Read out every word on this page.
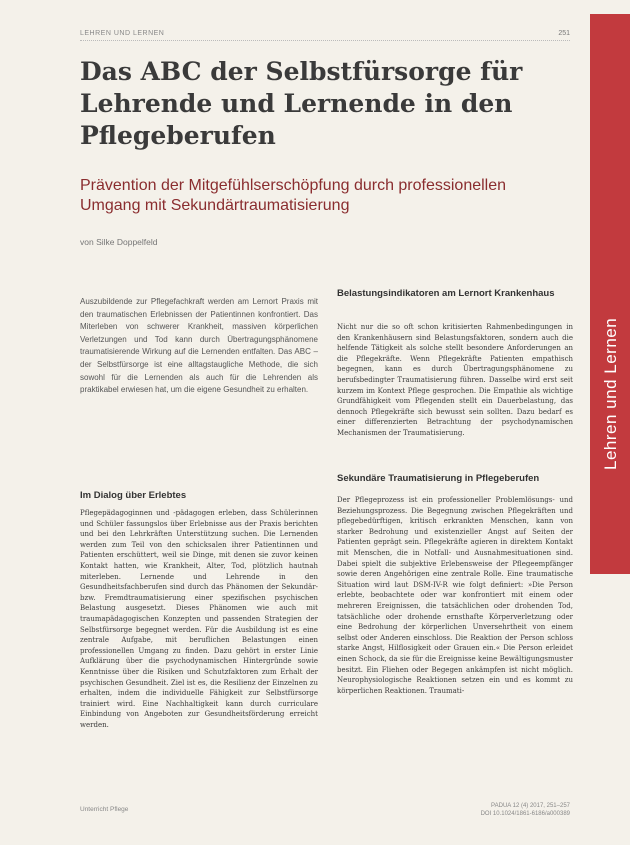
LEHREN UND LERNEN	251
Lehren und Lernen
Das ABC der Selbstfürsorge für Lehrende und Lernende in den Pflegeberufen
Prävention der Mitgefühlserschöpfung durch professionellen Umgang mit Sekundärtraumatisierung
von Silke Doppelfeld

Auszubildende zur Pflegefachkraft werden am Lernort Praxis mit den traumatischen Erlebnissen der Patientinnen konfrontiert. Das Miterleben von schwerer Krankheit, massiven körperlichen Verletzungen und Tod kann durch Übertragungsphänomene traumatisierende Wirkung auf die Lernenden entfalten. Das ABC – der Selbstfürsorge ist eine alltagstaugliche Methode, die sich sowohl für die Lernenden als auch für die Lehrenden als praktikabel erwiesen hat, um die eigene Gesundheit zu erhalten.

Im Dialog über Erlebtes

Pflegepädagoginnen und -pädagogen erleben, dass Schülerinnen und Schüler fassungslos über Erlebnisse aus der Praxis berichten und bei den Lehrkräften Unterstützung suchen. Die Lernenden werden zum Teil von den schicksalen ihrer Patientinnen und Patienten erschüttert, weil sie Dinge, mit denen sie zuvor keinen Kontakt hatten, wie Krankheit, Alter, Tod, plötzlich hautnah miterleben. Lernende und Lehrende in den Gesundheitsfachberufen sind durch das Phänomen der Sekundär- bzw. Fremdtraumatisierung einer spezifischen psychischen Belastung ausgesetzt. Dieses Phänomen wie auch mit traumapädagogischen Konzepten und passenden Strategien der Selbstfürsorge begegnet werden. Für die Ausbildung ist es eine zentrale Aufgabe, mit beruflichen Belastungen einen professionellen Umgang zu finden. Dazu gehört in erster Linie Aufklärung über die psychodynamischen Hintergründe sowie Kenntnisse über die Risiken und Schutzfaktoren zum Erhalt der psychischen Gesundheit. Ziel ist es, die Resilienz der Einzelnen zu erhalten, indem die individuelle Fähigkeit zur Selbstfürsorge trainiert wird. Eine Nachhaltigkeit kann durch curriculare Einbindung von Angeboten zur Gesundheitsförderung erreicht werden.

Belastungsindikatoren am Lernort Krankenhaus

Nicht nur die so oft schon kritisierten Rahmenbedingungen in den Krankenhäusern sind Belastungsfaktoren, sondern auch die helfende Tätigkeit als solche stellt besondere Anforderungen an die Pflegekräfte. Wenn Pflegekräfte Patienten empathisch begegnen, kann es durch Übertragungsphänomene zu berufsbedingter Traumatisierung führen. Dasselbe wird erst seit kurzem im Kontext Pflege gesprochen. Die Empathie als wichtige Grundfähigkeit vom Pflegenden stellt ein Dauerbelastung, das dennoch Pflegekräfte sich bewusst sein sollten. Dazu bedarf es einer differenzierten Betrachtung der psychodynamischen Mechanismen der Traumatisierung.

Sekundäre Traumatisierung in Pflegeberufen

Der Pflegeprozess ist ein professioneller Problemlösungs- und Beziehungsprozess. Die Begegnung zwischen Pflegekräften und pflegebedürftigen, kritisch erkrankten Menschen, kann von starker Bedrohung und existenzieller Angst auf Seiten der Patienten geprägt sein. Pflegekräfte agieren in direktem Kontakt mit Menschen, die in Notfall- und Ausnahmesituationen sind. Dabei spielt die subjektive Erlebensweise der Pflegeempfänger sowie deren Angehörigen eine zentrale Rolle. Eine traumatische Situation wird laut DSM-IV-R wie folgt definiert: »Die Person erlebte, beobachtete oder war konfrontiert mit einem oder mehreren Ereignissen, die tatsächlichen oder drohenden Tod, tatsächliche oder drohende ernsthafte Körperverletzung oder eine Bedrohung der körperlichen Unversehrtheit von einem selbst oder Anderen einschloss. Die Reaktion der Person schloss starke Angst, Hilflosigkeit oder Grauen ein.« Die Person erleidet einen Schock, da sie für die Ereignisse keine Bewältigungsmuster besitzt. Ein Fliehen oder Begegen ankämpfen ist nicht möglich. Neurophysiologische Reaktionen setzen ein und es kommt zu körperlichen Reaktionen. Traumati-

Unterricht Pflege	PADUA 12 (4) 2017, 251–257
DOI 10.1024/1861-6186/a000389
